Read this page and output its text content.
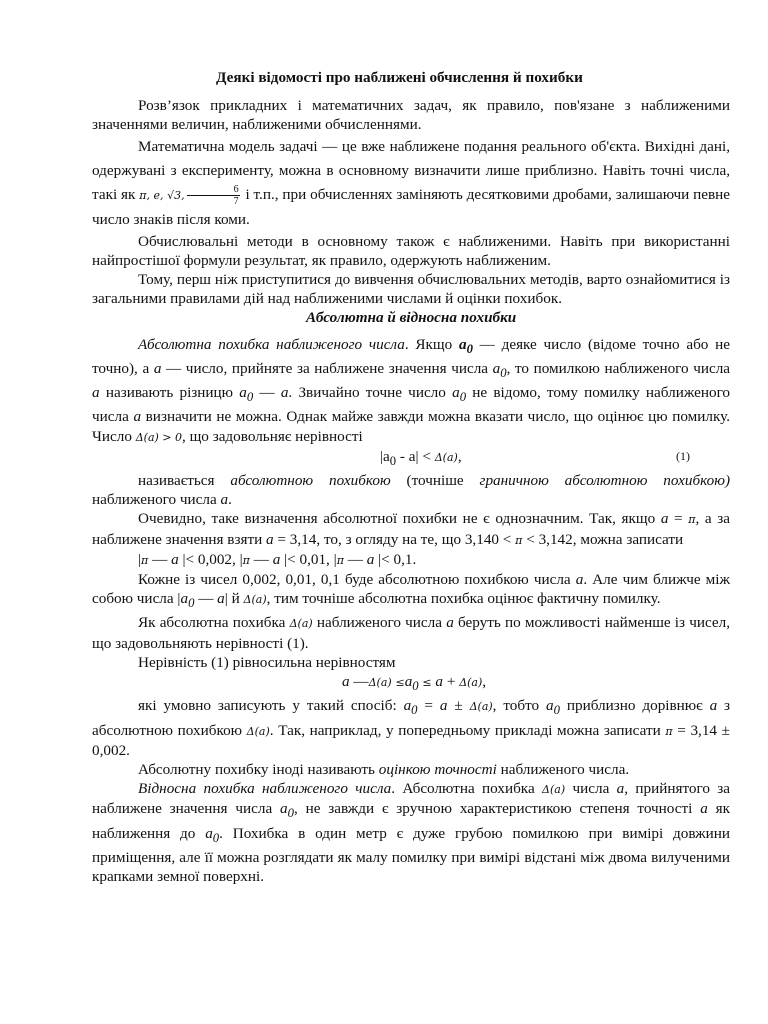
Деякі відомості про наближені обчислення й похибки

Розв’язок прикладних і математичних задач, як правило, пов'язане з наближеними значеннями величин, наближеними обчисленнями.

Математична модель задачі — це вже наближене подання реального об'єкта. Вихідні дані, одержувані з експерименту, можна в основному визначити лише приблизно. Навіть точні числа, такі як π, e, √3, $\frac{6}{7}$ і т.п., при обчисленнях заміняють десятковими дробами, залишаючи певне число знаків після коми.

Обчислювальні методи в основному також є наближеними. Навіть при використанні найпростішої формули результат, як правило, одержують наближеним.

Тому, перш ніж приступитися до вивчення обчислювальних методів, варто ознайомитися із загальними правилами дій над наближеними числами й оцінки похибок.

Абсолютна й відносна похибки

Абсолютна похибка наближеного числа. Якщо $a_0$ — деяке число (відоме точно або не точно), а a — число, прийняте за наближене значення числа $a_0$, то помилкою наближеного числа a називають різницю $a_0$ — a. Звичайно точне число $a_0$ не відомо, тому помилку наближеного числа a визначити не можна. Однак майже завжди можна вказати число, що оцінює цю помилку. Число Δ(a) > 0, що задовольняє нерівності

$|a_0 - a| < \Delta(a)$,	(1)

називається абсолютною похибкою (точніше граничною абсолютною похибкою) наближеного числа a.

Очевидно, таке визначення абсолютної похибки не є однозначним. Так, якщо a = π, а за наближене значення взяти a = 3,14, то, з огляду на те, що 3,140 < π < 3,142, можна записати

|π — a |< 0,002, |π — a |< 0,01, |π — a |< 0,1.

Кожне із чисел 0,002, 0,01, 0,1 буде абсолютною похибкою числа a. Але чим ближче між собою числа $|a_0$ — a| й Δ(a), тим точніше абсолютна похибка оцінює фактичну помилку.

Як абсолютна похибка Δ(a) наближеного числа a беруть по можливості найменше із чисел, що задовольняють нерівності (1).

Нерівність (1) рівносильна нерівностям

a —Δ(a) $\le a_0 \le a + \Delta(a)$,

які умовно записують у такий спосіб: $a_0 = a \pm \Delta(a)$, тобто $a_0$ приблизно дорівнює a з абсолютною похибкою Δ(a). Так, наприклад, у попередньому прикладі можна записати π = 3,14 ± 0,002.

Абсолютну похибку іноді називають оцінкою точності наближеного числа.

Відносна похибка наближеного числа. Абсолютна похибка Δ(a) числа a, прийнятого за наближене значення числа $a_0$, не завжди є зручною характеристикою степеня точності a як наближення до $a_0$. Похибка в один метр є дуже грубою помилкою при вимірі довжини приміщення, але її можна розглядати як малу помилку при вимірі відстані між двома вилученими крапками земної поверхні.
